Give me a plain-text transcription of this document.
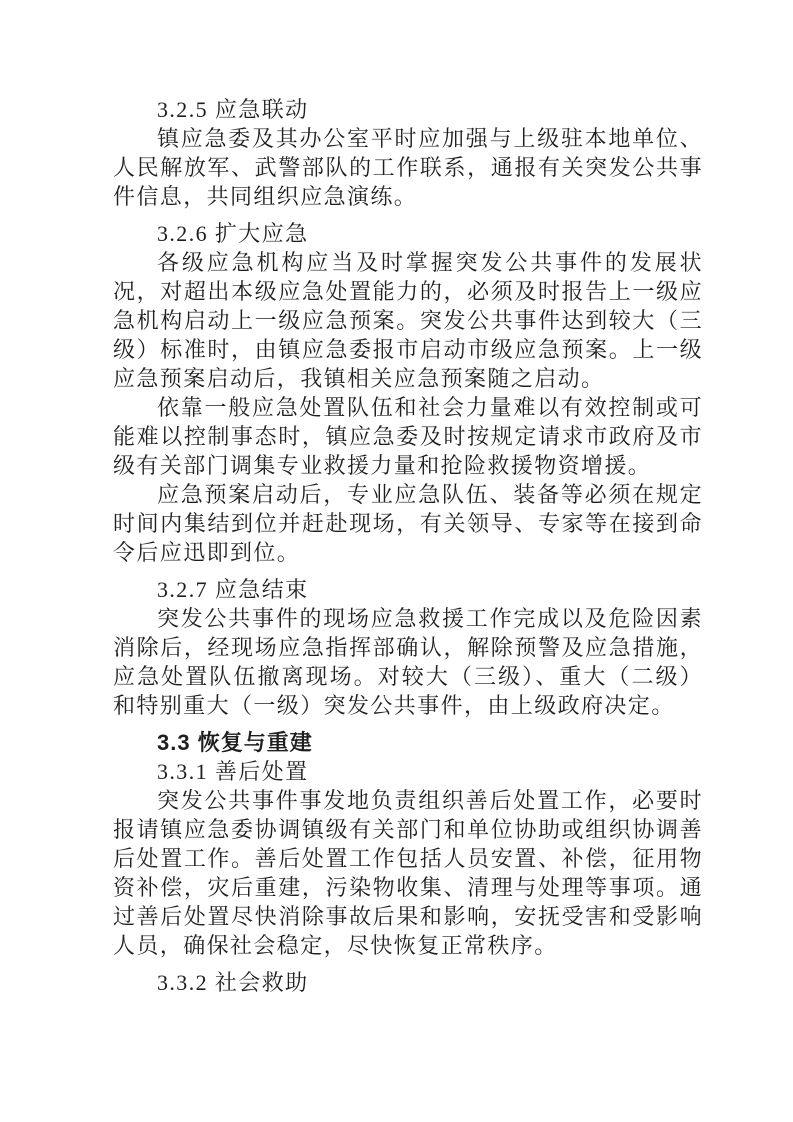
3.2.5 应急联动
镇应急委及其办公室平时应加强与上级驻本地单位、人民解放军、武警部队的工作联系，通报有关突发公共事件信息，共同组织应急演练。
3.2.6 扩大应急
各级应急机构应当及时掌握突发公共事件的发展状况，对超出本级应急处置能力的，必须及时报告上一级应急机构启动上一级应急预案。突发公共事件达到较大（三级）标准时，由镇应急委报市启动市级应急预案。上一级应急预案启动后，我镇相关应急预案随之启动。
依靠一般应急处置队伍和社会力量难以有效控制或可能难以控制事态时，镇应急委及时按规定请求市政府及市级有关部门调集专业救援力量和抢险救援物资增援。
应急预案启动后，专业应急队伍、装备等必须在规定时间内集结到位并赶赴现场，有关领导、专家等在接到命令后应迅即到位。
3.2.7 应急结束
突发公共事件的现场应急救援工作完成以及危险因素消除后，经现场应急指挥部确认，解除预警及应急措施，应急处置队伍撤离现场。对较大（三级）、重大（二级）和特别重大（一级）突发公共事件，由上级政府决定。
3.3 恢复与重建
3.3.1 善后处置
突发公共事件事发地负责组织善后处置工作，必要时报请镇应急委协调镇级有关部门和单位协助或组织协调善后处置工作。善后处置工作包括人员安置、补偿，征用物资补偿，灾后重建，污染物收集、清理与处理等事项。通过善后处置尽快消除事故后果和影响，安抚受害和受影响人员，确保社会稳定，尽快恢复正常秩序。
3.3.2 社会救助
